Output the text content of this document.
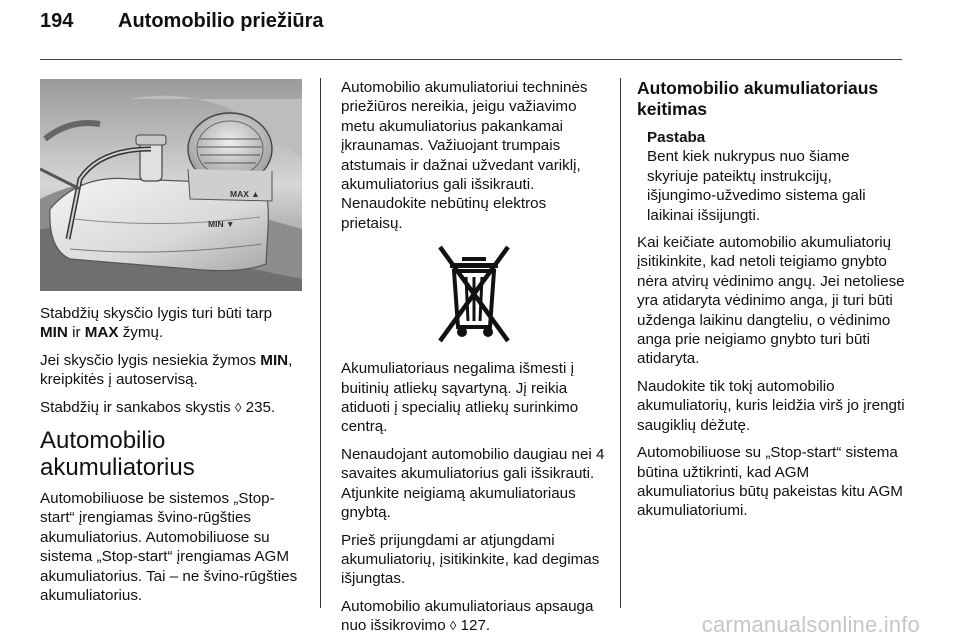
194 Automobilio priežiūra
MAX ▲
MIN ▼

Stabdžių skysčio lygis turi būti tarp
MIN ir MAX žymų.

Jei skysčio lygis nesiekia žymos MIN, kreipkitės į autoservisą.

Stabdžių ir sankabos skystis ◊ 235.

Automobilio akumuliatorius

Automobiliuose be sistemos „Stop-start“ įrengiamas švino-rūgšties akumuliatorius. Automobiliuose su sistema „Stop-start“ įrengiamas AGM akumuliatorius. Tai – ne švino-rūgšties akumuliatorius.

Automobilio akumuliatoriui techninės priežiūros nereikia, jeigu važiavimo metu akumuliatorius pakankamai įkraunamas. Važiuojant trumpais atstumais ir dažnai užvedant variklį, akumuliatorius gali išsikrauti. Nenaudokite nebūtinų elektros prietaisų.

Akumuliatoriaus negalima išmesti į buitinių atliekų sąvartyną. Jį reikia atiduoti į specialių atliekų surinkimo centrą.

Nenaudojant automobilio daugiau nei 4 savaites akumuliatorius gali išsikrauti. Atjunkite neigiamą akumuliatoriaus gnybtą.

Prieš prijungdami ar atjungdami akumuliatorių, įsitikinkite, kad degimas išjungtas.

Automobilio akumuliatoriaus apsauga nuo išsikrovimo ◊ 127.

Automobilio akumuliatoriaus keitimas
Pastaba
Bent kiek nukrypus nuo šiame skyriuje pateiktų instrukcijų, išjungimo-užvedimo sistema gali laikinai išsijungti.

Kai keičiate automobilio akumuliatorių įsitikinkite, kad netoli teigiamo gnybto nėra atvirų vėdinimo angų. Jei netoliese yra atidaryta vėdinimo anga, ji turi būti uždenga laikinu dangteliu, o vėdinimo anga prie neigiamo gnybto turi būti atidaryta.

Naudokite tik tokį automobilio akumuliatorių, kuris leidžia virš jo įrengti saugiklių dėžutę.

Automobiliuose su „Stop-start“ sistema būtina užtikrinti, kad AGM akumuliatorius būtų pakeistas kitu AGM akumuliatoriumi.

carmanualsonline.info
